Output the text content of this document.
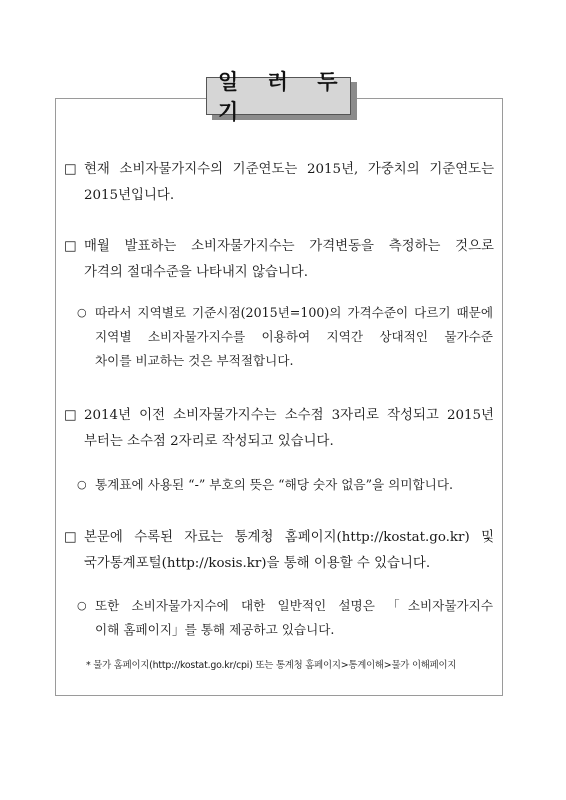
일 러 두 기
□ 현재 소비자물가지수의 기준연도는 2015년, 가중치의 기준연도는
2015년입니다.
□ 매월 발표하는 소비자물가지수는 가격변동을 측정하는 것으로
가격의 절대수준을 나타내지 않습니다.
○ 따라서 지역별로 기준시점(2015년=100)의 가격수준이 다르기 때문에
지역별 소비자물가지수를 이용하여 지역간 상대적인 물가수준
차이를 비교하는 것은 부적절합니다.
□ 2014년 이전 소비자물가지수는 소수점 3자리로 작성되고 2015년
부터는 소수점 2자리로 작성되고 있습니다.
○ 통계표에 사용된 “-” 부호의 뜻은 “해당 숫자 없음”을 의미합니다.
□ 본문에 수록된 자료는 통계청 홈페이지(http://kostat.go.kr) 및
국가통계포털(http://kosis.kr)을 통해 이용할 수 있습니다.
○ 또한 소비자물가지수에 대한 일반적인 설명은 「소비자물가지수
이해 홈페이지」를 통해 제공하고 있습니다.
* 물가 홈페이지(http://kostat.go.kr/cpi) 또는 통계청 홈페이지>통계이해>물가 이해페이지
